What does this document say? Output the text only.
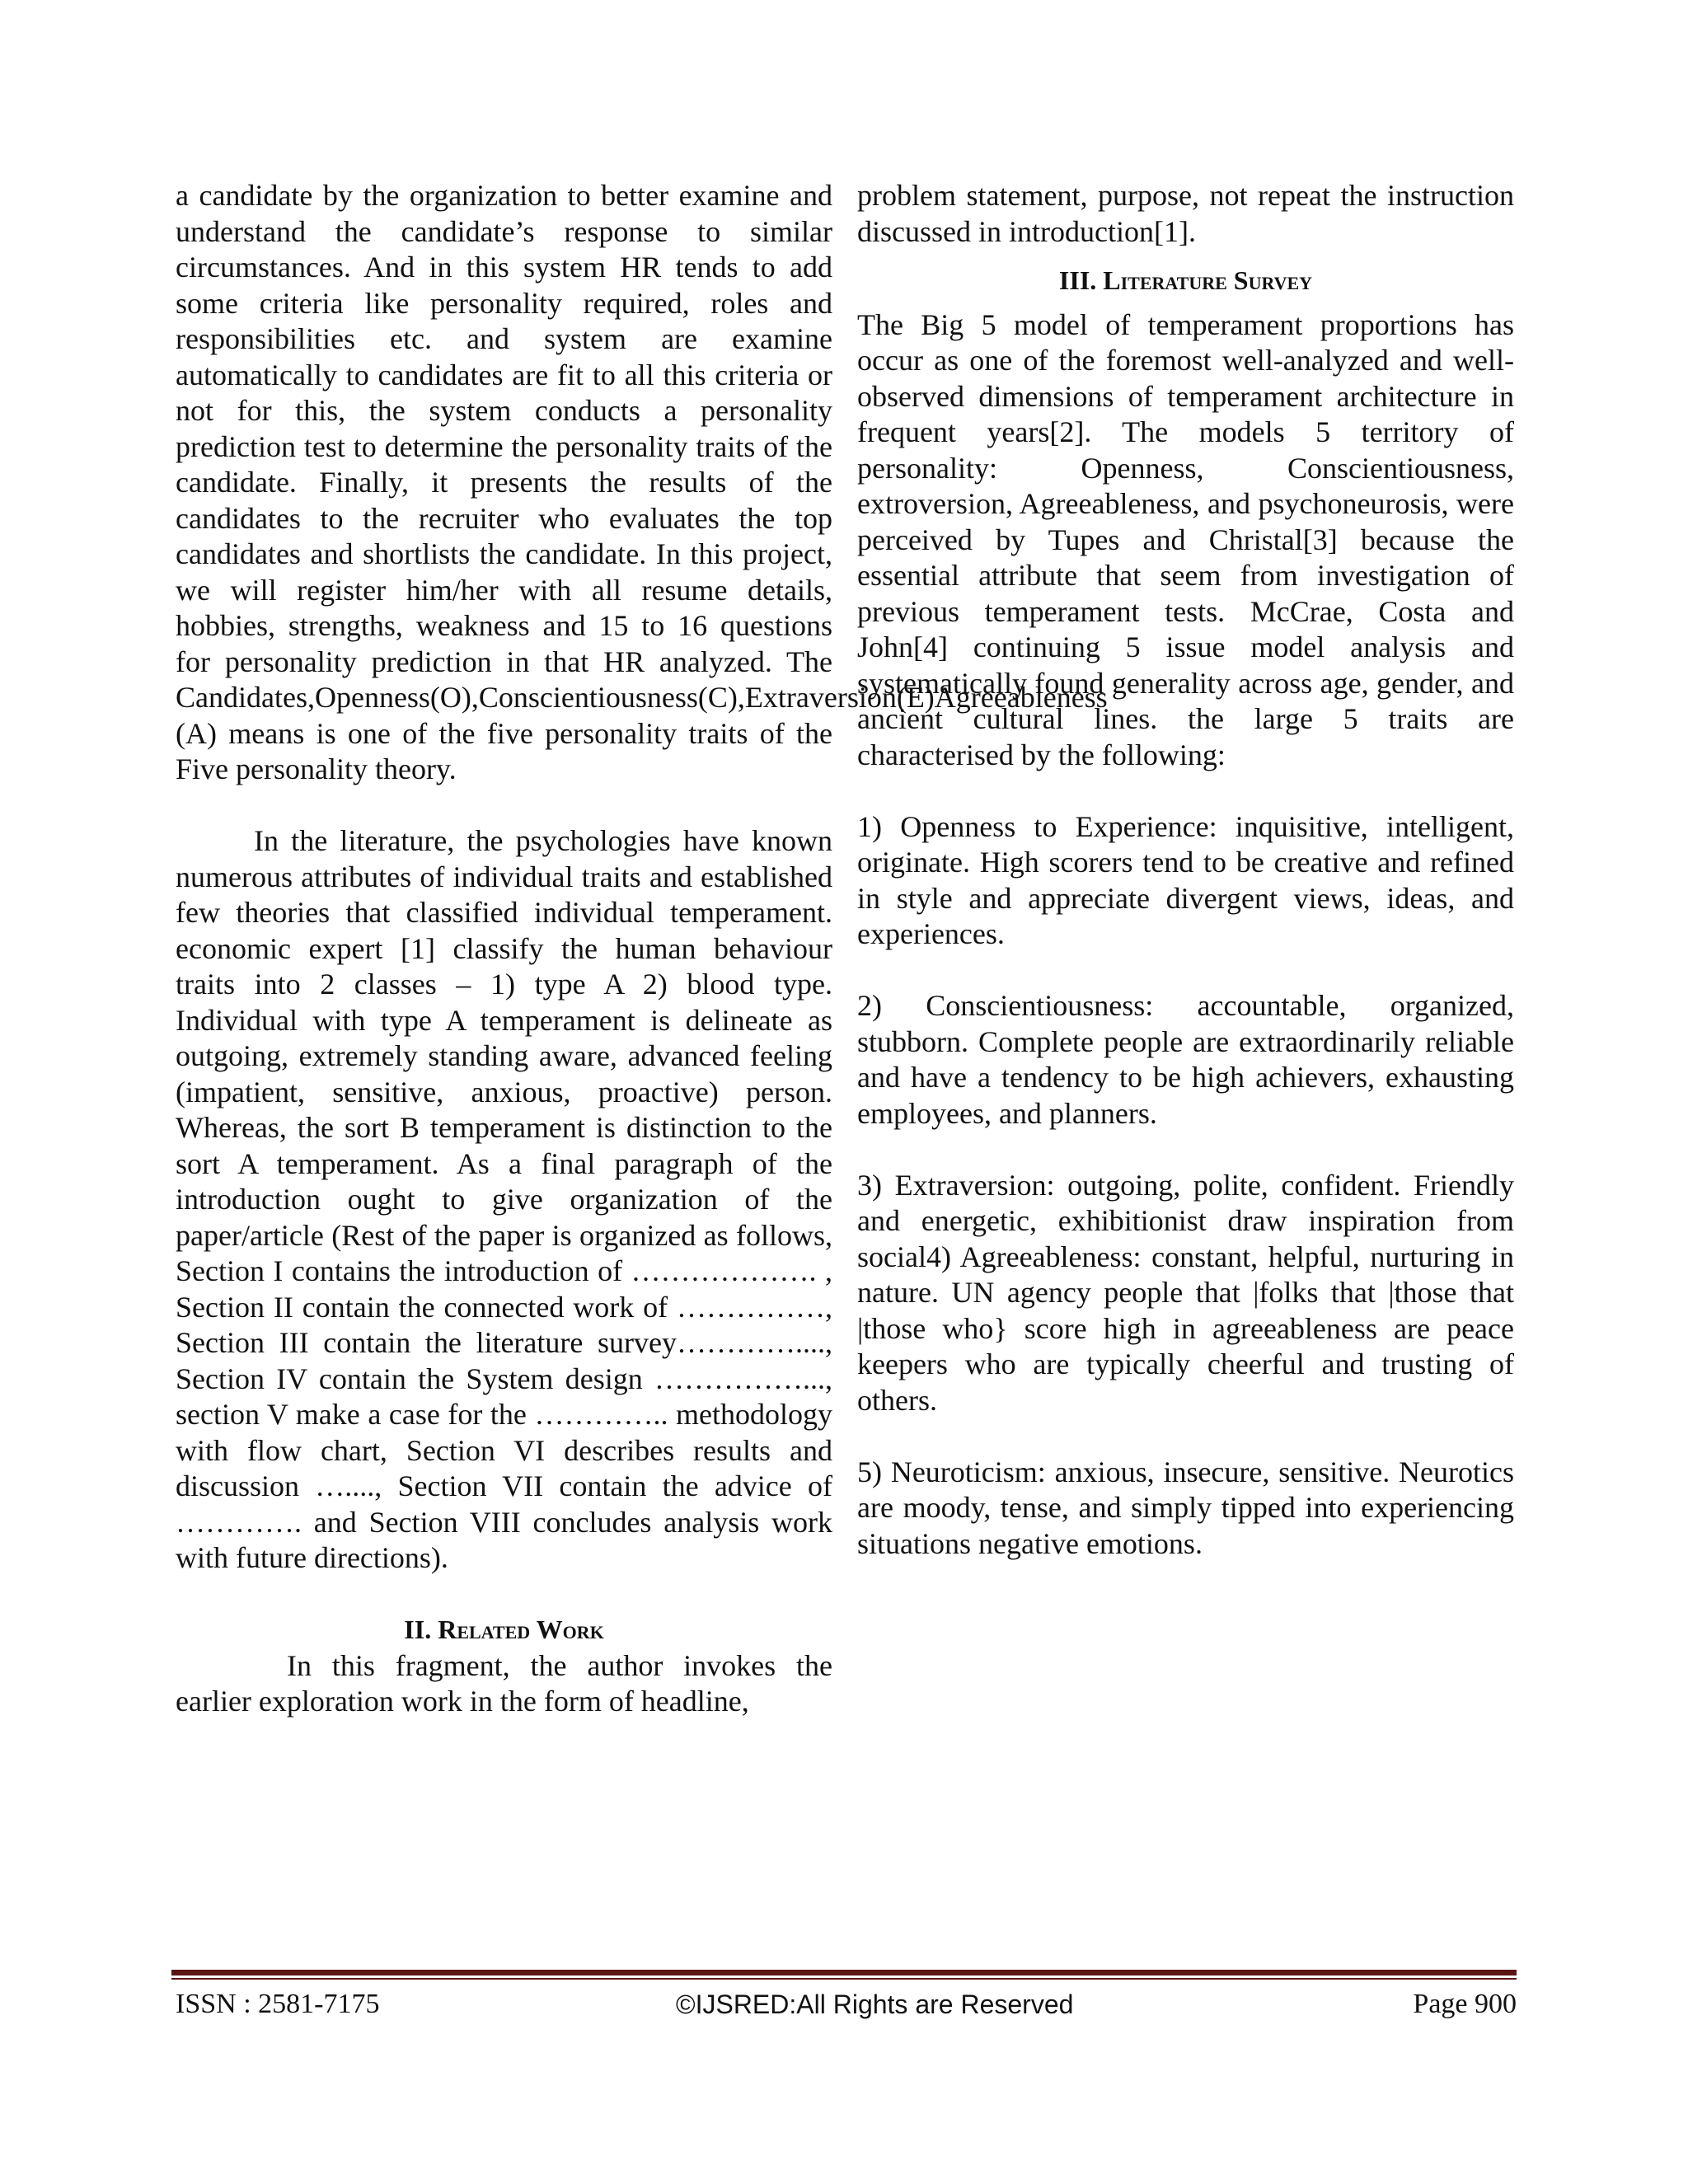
a candidate by the organization to better examine and understand the candidate’s response to similar circumstances. And in this system HR tends to add some criteria like personality required, roles and responsibilities etc. and system are examine automatically to candidates are fit to all this criteria or not for this, the system conducts a personality prediction test to determine the personality traits of the candidate. Finally, it presents the results of the candidates to the recruiter who evaluates the top candidates and shortlists the candidate. In this project, we will register him/her with all resume details, hobbies, strengths, weakness and 15 to 16 questions for personality prediction in that HR analyzed. The Candidates,Openness(O),Conscientiousness(C),Extraversion(E)Agreeableness (A) means is one of the five personality traits of the Five personality theory.

In the literature, the psychologies have known numerous attributes of individual traits and established few theories that classified individual temperament. economic expert [1] classify the human behaviour traits into 2 classes – 1) type A 2) blood type. Individual with type A temperament is delineate as outgoing, extremely standing aware, advanced feeling (impatient, sensitive, anxious, proactive) person. Whereas, the sort B temperament is distinction to the sort A temperament. As a final paragraph of the introduction ought to give organization of the paper/article (Rest of the paper is organized as follows, Section I contains the introduction of ………………. , Section II contain the connected work of ……………, Section III contain the literature survey…………...., Section IV contain the System design ……………..., section V make a case for the ………….. methodology with flow chart, Section VI describes results and discussion …...., Section VII contain the advice of …………. and Section VIII concludes analysis work with future directions).

II. Related Work

In this fragment, the author invokes the earlier exploration work in the form of headline,

problem statement, purpose, not repeat the instruction discussed in introduction[1].

III. Literature Survey

The Big 5 model of temperament proportions has occur as one of the foremost well-analyzed and well-observed dimensions of temperament architecture in frequent years[2]. The models 5 territory of personality: Openness, Conscientiousness, extroversion, Agreeableness, and psychoneurosis, were perceived by Tupes and Christal[3] because the essential attribute that seem from investigation of previous temperament tests. McCrae, Costa and John[4] continuing 5 issue model analysis and systematically found generality across age, gender, and ancient cultural lines. the large 5 traits are characterised by the following:

1) Openness to Experience: inquisitive, intelligent, originate. High scorers tend to be creative and refined in style and appreciate divergent views, ideas, and experiences.

2) Conscientiousness: accountable, organized, stubborn. Complete people are extraordinarily reliable and have a tendency to be high achievers, exhausting employees, and planners.

3) Extraversion: outgoing, polite, confident. Friendly and energetic, exhibitionist draw inspiration from social4) Agreeableness: constant, helpful, nurturing in nature. UN agency people that |folks that |those that |those who} score high in agreeableness are peace keepers who are typically cheerful and trusting of others.

5) Neuroticism: anxious, insecure, sensitive. Neurotics are moody, tense, and simply tipped into experiencing situations negative emotions.

ISSN : 2581-7175	©IJSRED:All Rights are Reserved	Page 900
